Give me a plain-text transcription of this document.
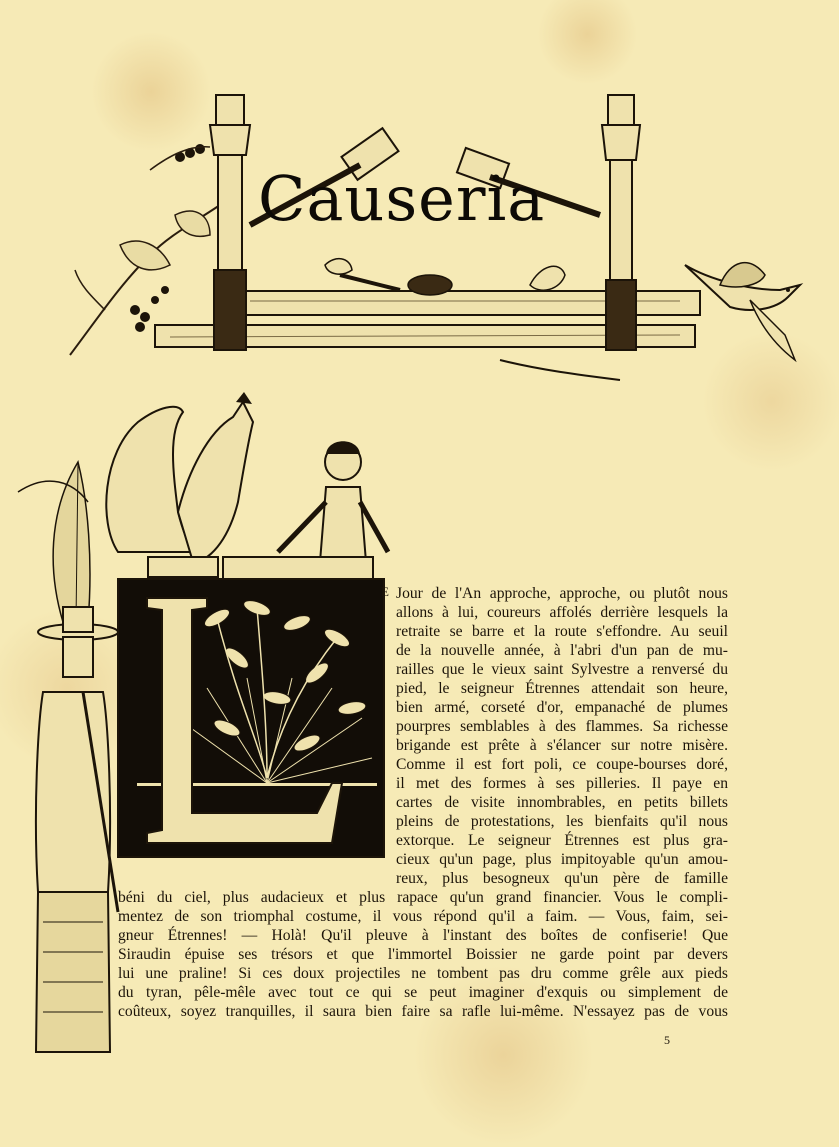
Causeria
E Jour de l'An approche, approche, ou plutôt nous
allons à lui, coureurs affolés derrière lesquels la
retraite se barre et la route s'effondre. Au seuil
de la nouvelle année, à l'abri d'un pan de mu-
railles que le vieux saint Sylvestre a renversé du
pied, le seigneur Étrennes attendait son heure,
bien armé, corseté d'or, empanaché de plumes
pourpres semblables à des flammes. Sa richesse
brigande est prête à s'élancer sur notre misère.
Comme il est fort poli, ce coupe-bourses doré,
il met des formes à ses pilleries. Il paye en
cartes de visite innombrables, en petits billets
pleins de protestations, les bienfaits qu'il nous
extorque. Le seigneur Étrennes est plus gra-
cieux qu'un page, plus impitoyable qu'un amou-
reux, plus besogneux qu'un père de famille
béni du ciel, plus audacieux et plus rapace qu'un grand financier. Vous le compli-
mentez de son triomphal costume, il vous répond qu'il a faim. — Vous, faim, sei-
gneur Étrennes! — Holà! Qu'il pleuve à l'instant des boîtes de confiserie! Que
Siraudin épuise ses trésors et que l'immortel Boissier ne garde point par devers
lui une praline! Si ces doux projectiles ne tombent pas dru comme grêle aux pieds
du tyran, pêle-mêle avec tout ce qui se peut imaginer d'exquis ou simplement de
coûteux, soyez tranquilles, il saura bien faire sa rafle lui-même. N'essayez pas de vous
5
